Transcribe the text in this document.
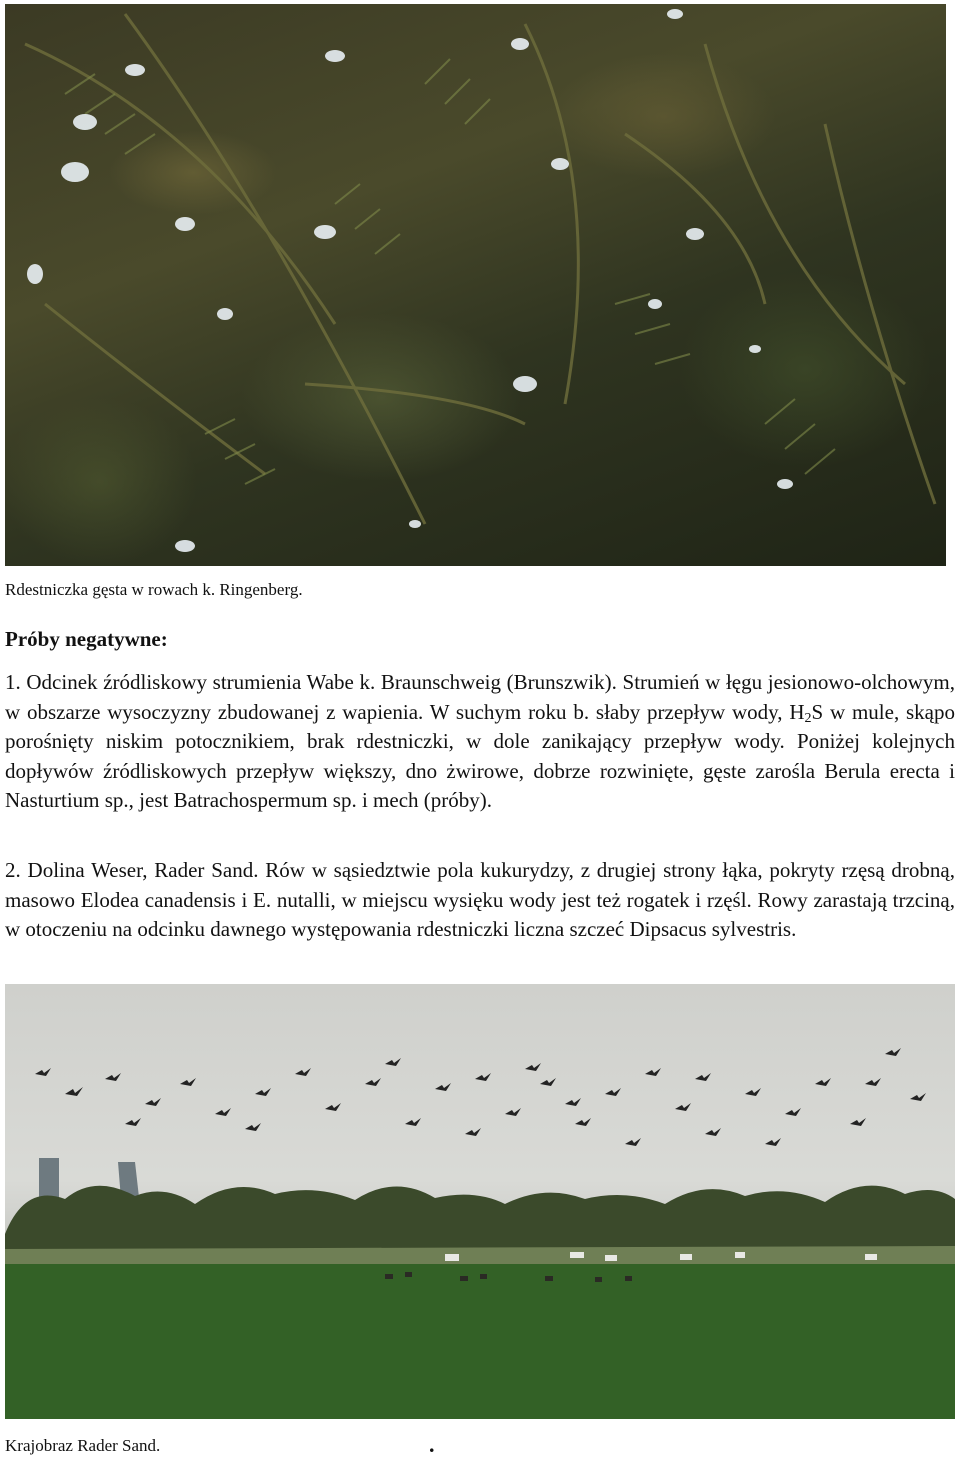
Rdestniczka gęsta w rowach k. Ringenberg.
Próby negatywne:

1. Odcinek źródliskowy strumienia Wabe k. Braunschweig (Brunszwik). Strumień w łęgu jesionowo-olchowym, w obszarze wysoczyzny zbudowanej z wapienia. W suchym roku b. słaby przepływ wody, $H_2S$ w mule, skąpo porośnięty niskim potocznikiem, brak rdestniczki, w dole zanikający przepływ wody. Poniżej kolejnych dopływów źródliskowych przepływ większy, dno żwirowe, dobrze rozwinięte, gęste zarośla Berula erecta i Nasturtium sp., jest Batrachospermum sp. i mech (próby).

2. Dolina Weser, Rader Sand. Rów w sąsiedztwie pola kukurydzy, z drugiej strony łąka, pokryty rzęsą drobną, masowo Elodea canadensis i E. nutalli, w miejscu wysięku wody jest też rogatek i rzęśl. Rowy zarastają trzciną, w otoczeniu na odcinku dawnego występowania rdestniczki liczna szczeć Dipsacus sylvestris.

Krajobraz Rader Sand.	.
